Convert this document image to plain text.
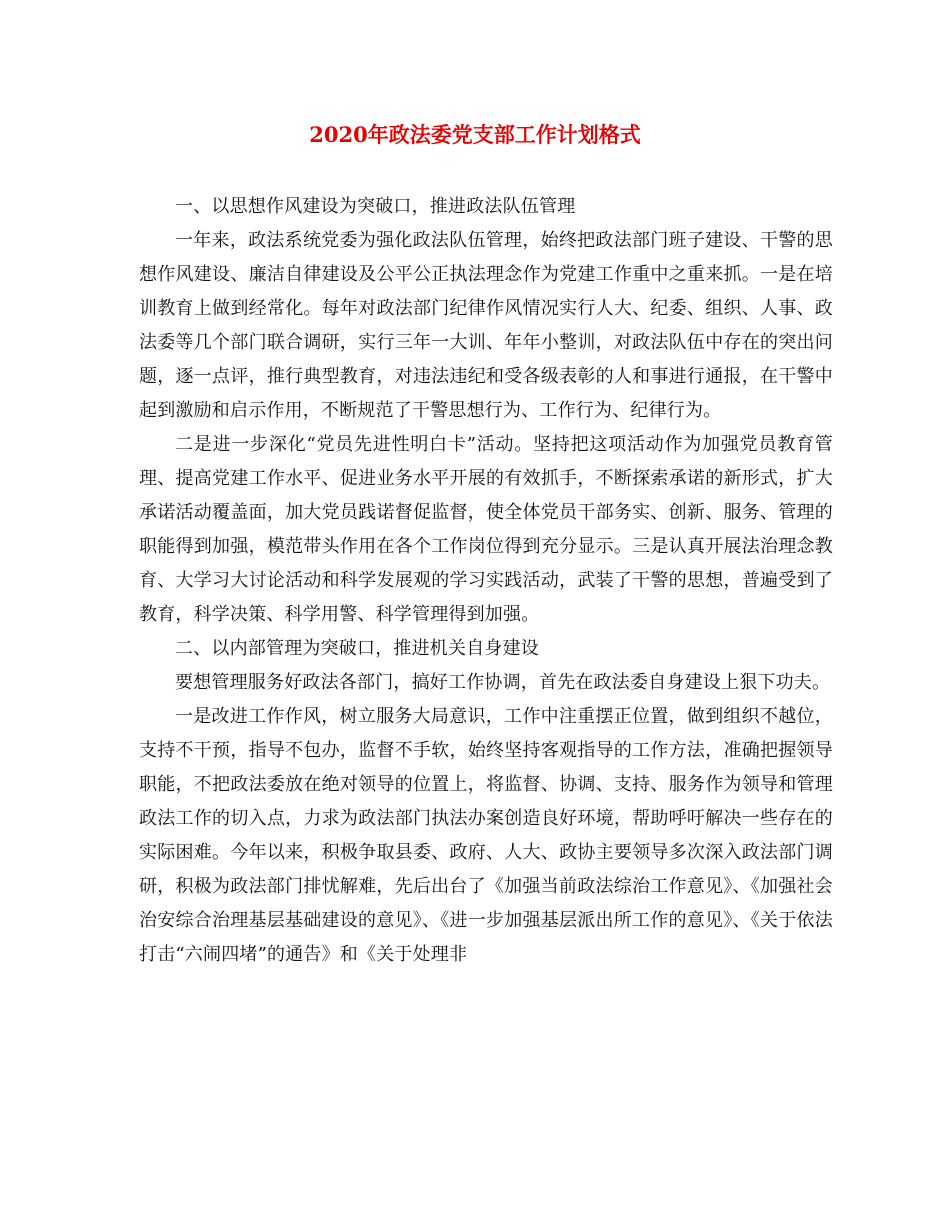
2020年政法委党支部工作计划格式

一、以思想作风建设为突破口，推进政法队伍管理

一年来，政法系统党委为强化政法队伍管理，始终把政法部门班子建设、干警的思想作风建设、廉洁自律建设及公平公正执法理念作为党建工作重中之重来抓。一是在培训教育上做到经常化。每年对政法部门纪律作风情况实行人大、纪委、组织、人事、政法委等几个部门联合调研，实行三年一大训、年年小整训，对政法队伍中存在的突出问题，逐一点评，推行典型教育，对违法违纪和受各级表彰的人和事进行通报，在干警中起到激励和启示作用，不断规范了干警思想行为、工作行为、纪律行为。

二是进一步深化“党员先进性明白卡”活动。坚持把这项活动作为加强党员教育管理、提高党建工作水平、促进业务水平开展的有效抓手，不断探索承诺的新形式，扩大承诺活动覆盖面，加大党员践诺督促监督，使全体党员干部务实、创新、服务、管理的职能得到加强，模范带头作用在各个工作岗位得到充分显示。三是认真开展法治理念教育、大学习大讨论活动和科学发展观的学习实践活动，武装了干警的思想，普遍受到了教育，科学决策、科学用警、科学管理得到加强。

二、以内部管理为突破口，推进机关自身建设

要想管理服务好政法各部门，搞好工作协调，首先在政法委自身建设上狠下功夫。

一是改进工作作风，树立服务大局意识，工作中注重摆正位置，做到组织不越位，支持不干预，指导不包办，监督不手软，始终坚持客观指导的工作方法，准确把握领导职能，不把政法委放在绝对领导的位置上，将监督、协调、支持、服务作为领导和管理政法工作的切入点，力求为政法部门执法办案创造良好环境，帮助呼吁解决一些存在的实际困难。今年以来，积极争取县委、政府、人大、政协主要领导多次深入政法部门调研，积极为政法部门排忧解难，先后出台了《加强当前政法综治工作意见》、《加强社会治安综合治理基层基础建设的意见》、《进一步加强基层派出所工作的意见》、《关于依法打击“六闹四堵”的通告》和《关于处理非
